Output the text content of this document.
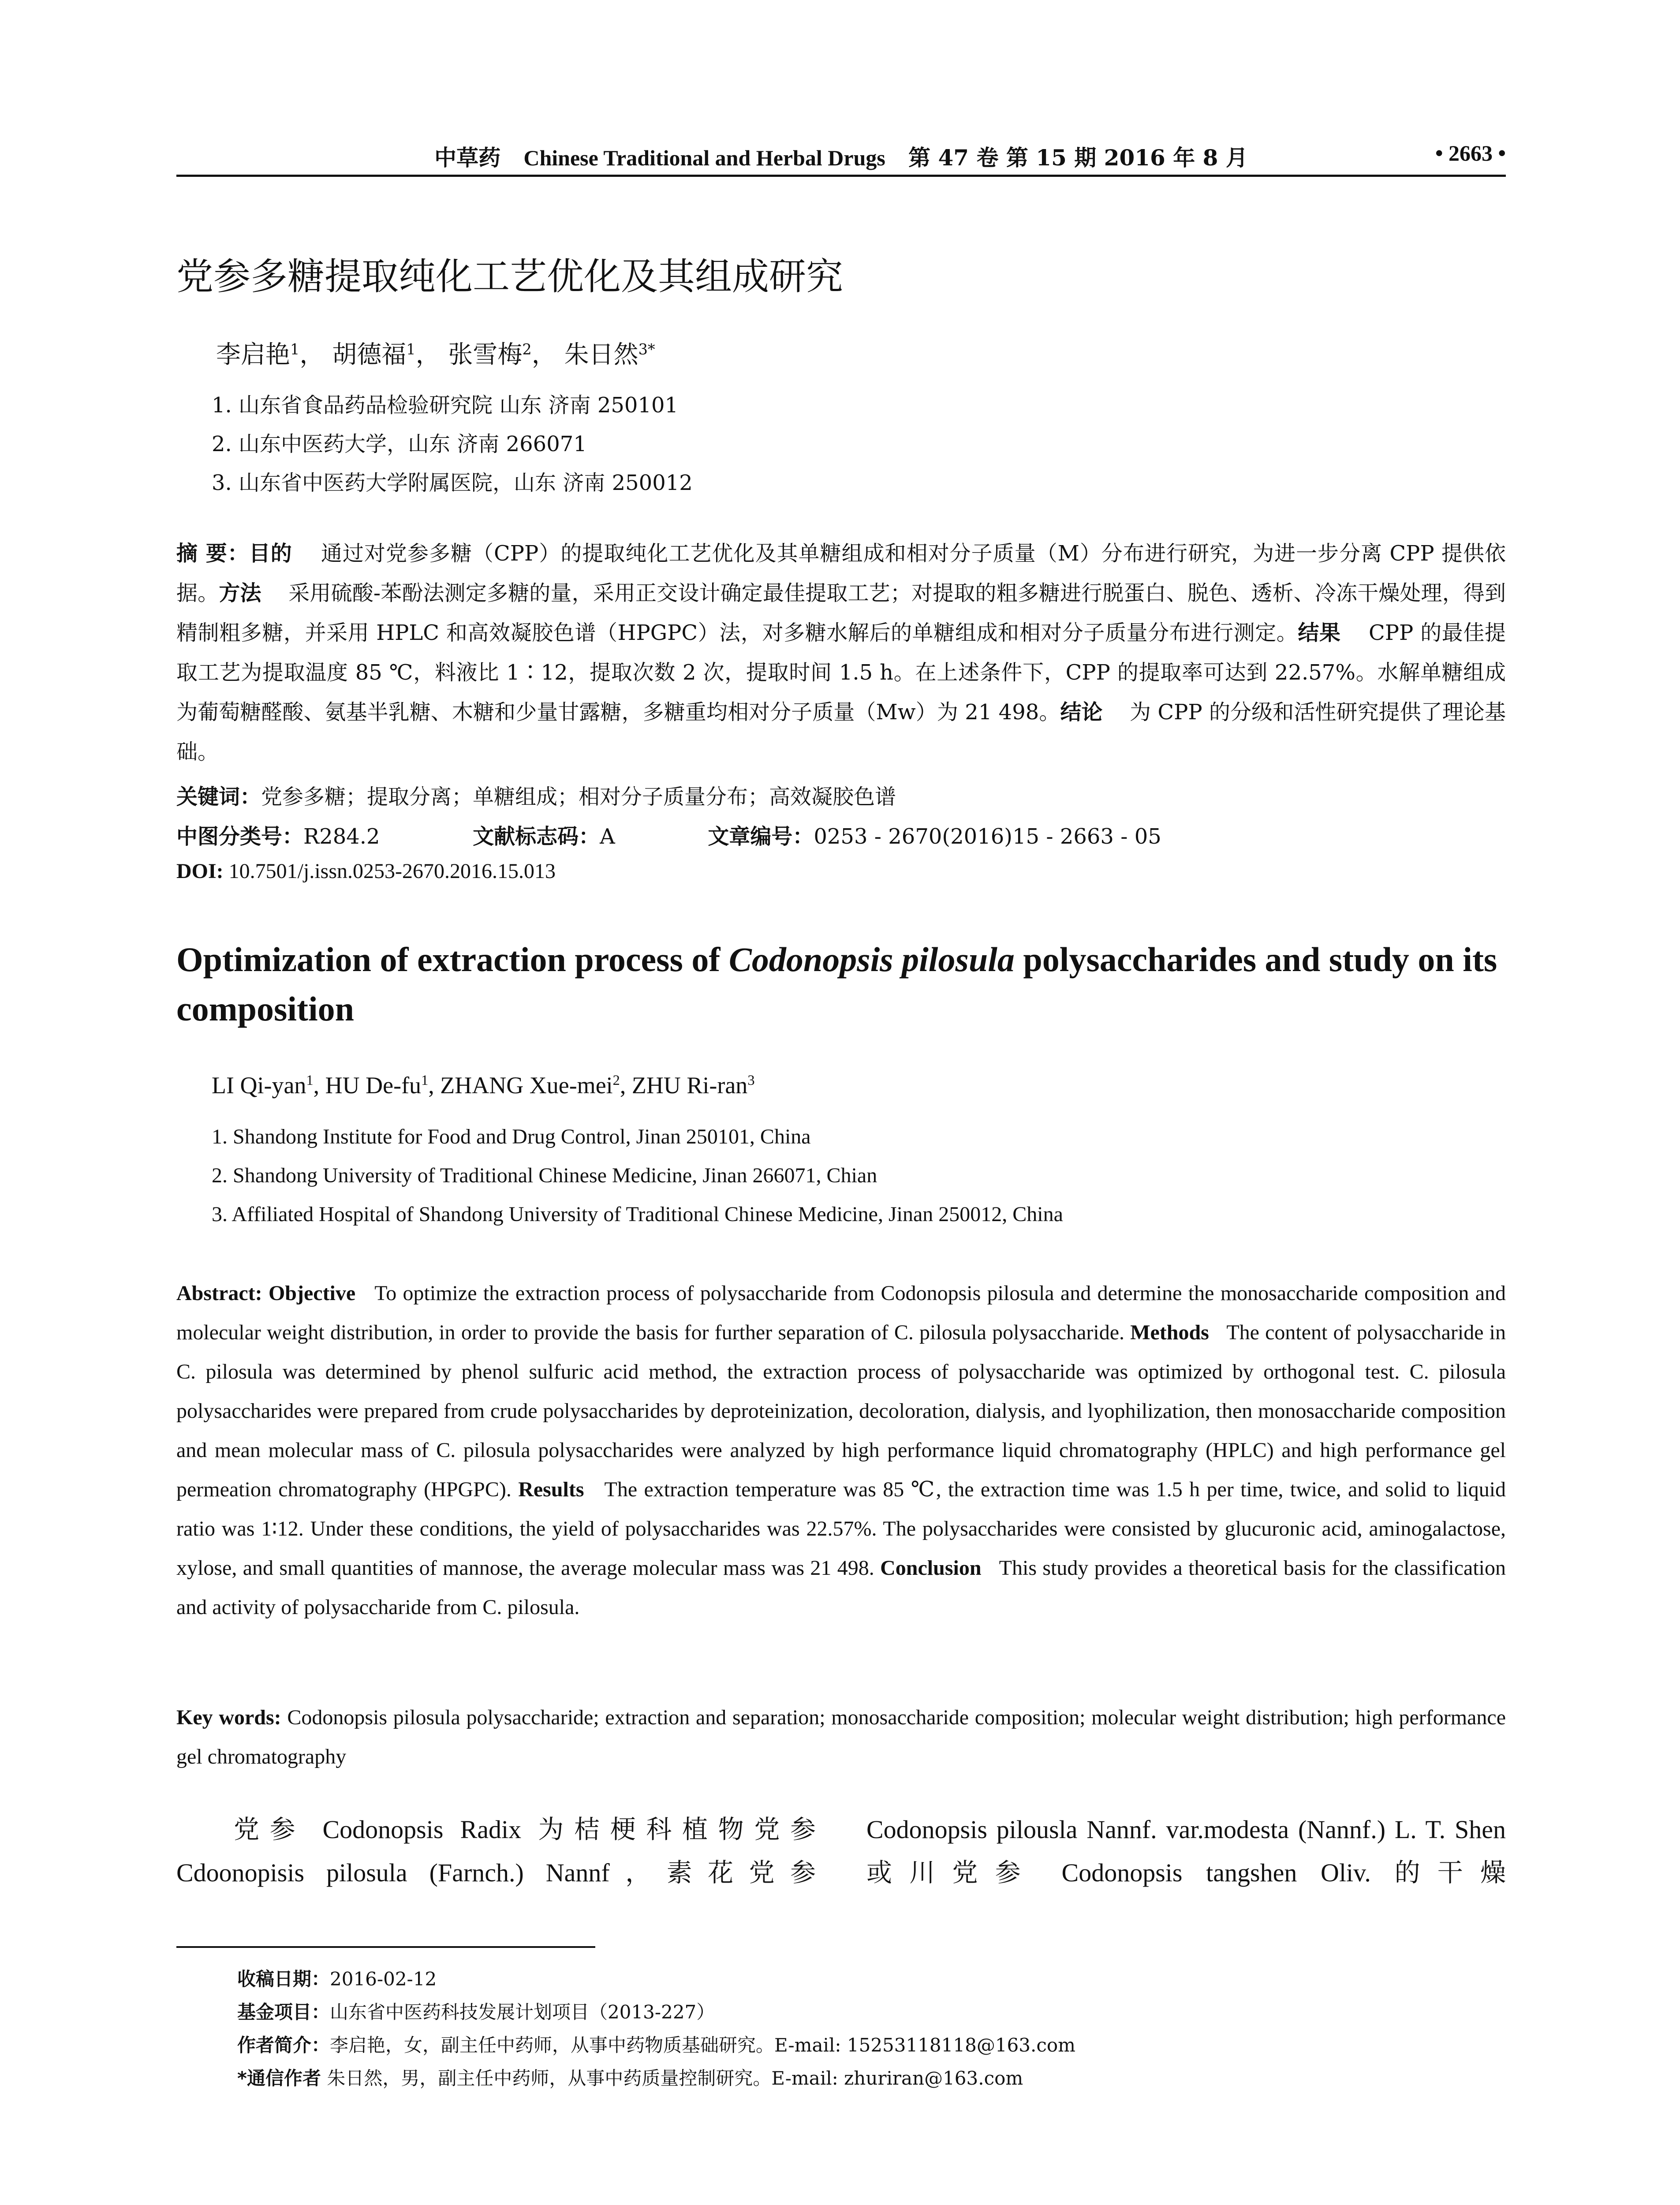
中草药 Chinese Traditional and Herbal Drugs 第 47 卷 第 15 期 2016 年 8 月	• 2663 •
党参多糖提取纯化工艺优化及其组成研究
李启艳$^1$， 胡德福$^1$， 张雪梅$^2$， 朱日然$^{3*}$
1. 山东省食品药品检验研究院 山东 济南 250101
2. 山东中医药大学，山东 济南 266071
3. 山东省中医药大学附属医院，山东 济南 250012
摘 要：目的 通过对党参多糖（CPP）的提取纯化工艺优化及其单糖组成和相对分子质量（M）分布进行研究，为进一步分离 CPP 提供依据。方法 采用硫酸-苯酚法测定多糖的量，采用正交设计确定最佳提取工艺；对提取的粗多糖进行脱蛋白、脱色、透析、冷冻干燥处理，得到精制粗多糖，并采用 HPLC 和高效凝胶色谱（HPGPC）法，对多糖水解后的单糖组成和相对分子质量分布进行测定。结果 CPP 的最佳提取工艺为提取温度 85 ℃，料液比 1∶12，提取次数 2 次，提取时间 1.5 h。在上述条件下，CPP 的提取率可达到 22.57%。水解单糖组成为葡萄糖醛酸、氨基半乳糖、木糖和少量甘露糖，多糖重均相对分子质量（Mw）为 21 498。结论 为 CPP 的分级和活性研究提供了理论基础。
关键词：党参多糖；提取分离；单糖组成；相对分子质量分布；高效凝胶色谱
中图分类号：R284.2	文献标志码：A	文章编号：0253 - 2670(2016)15 - 2663 - 05
DOI: 10.7501/j.issn.0253-2670.2016.15.013
Optimization of extraction process of Codonopsis pilosula polysaccharides and study on its composition
LI Qi-yan$^1$, HU $De-fu^1$, ZHANG Xue-mei$^2$, ZHU Ri-ran$^3$
1. Shandong Institute for Food and Drug Control, Jinan 250101, China
2. Shandong University of Traditional Chinese Medicine, Jinan 266071, Chian
3. Affiliated Hospital of Shandong University of Traditional Chinese Medicine, Jinan 250012, China
Abstract: Objective To optimize the extraction process of polysaccharide from Codonopsis pilosula and determine the monosaccharide composition and molecular weight distribution, in order to provide the basis for further separation of C. pilosula polysaccharide. Methods The content of polysaccharide in C. pilosula was determined by phenol sulfuric acid method, the extraction process of polysaccharide was optimized by orthogonal test. C. pilosula polysaccharides were prepared from crude polysaccharides by deproteinization, decoloration, dialysis, and lyophilization, then monosaccharide composition and mean molecular mass of C. pilosula polysaccharides were analyzed by high performance liquid chromatography (HPLC) and high performance gel permeation chromatography (HPGPC). Results The extraction temperature was 85 ℃, the extraction time was 1.5 h per time, twice, and solid to liquid ratio was 1∶12. Under these conditions, the yield of polysaccharides was 22.57%. The polysaccharides were consisted by glucuronic acid, aminogalactose, xylose, and small quantities of mannose, the average molecular mass was 21 498. Conclusion This study provides a theoretical basis for the classification and activity of polysaccharide from C. pilosula.
Key words: Codonopsis pilosula polysaccharide; extraction and separation; monosaccharide composition; molecular weight distribution; high performance gel chromatography
党参 Codonopsis Radix 为桔梗科植物党参 Cdoonopisis pilosula (Farnch.) Nannf，素花党参
Codonopsis pilousla Nannf. var.modesta (Nannf.) L. T. Shen 或川党参 Codonopsis tangshen Oliv. 的干燥
收稿日期：2016-02-12
基金项目：山东省中医药科技发展计划项目（2013-227）
作者简介：李启艳，女，副主任中药师，从事中药物质基础研究。E-mail: 15253118118@163.com
*通信作者 朱日然，男，副主任中药师，从事中药质量控制研究。E-mail: zhuriran@163.com
